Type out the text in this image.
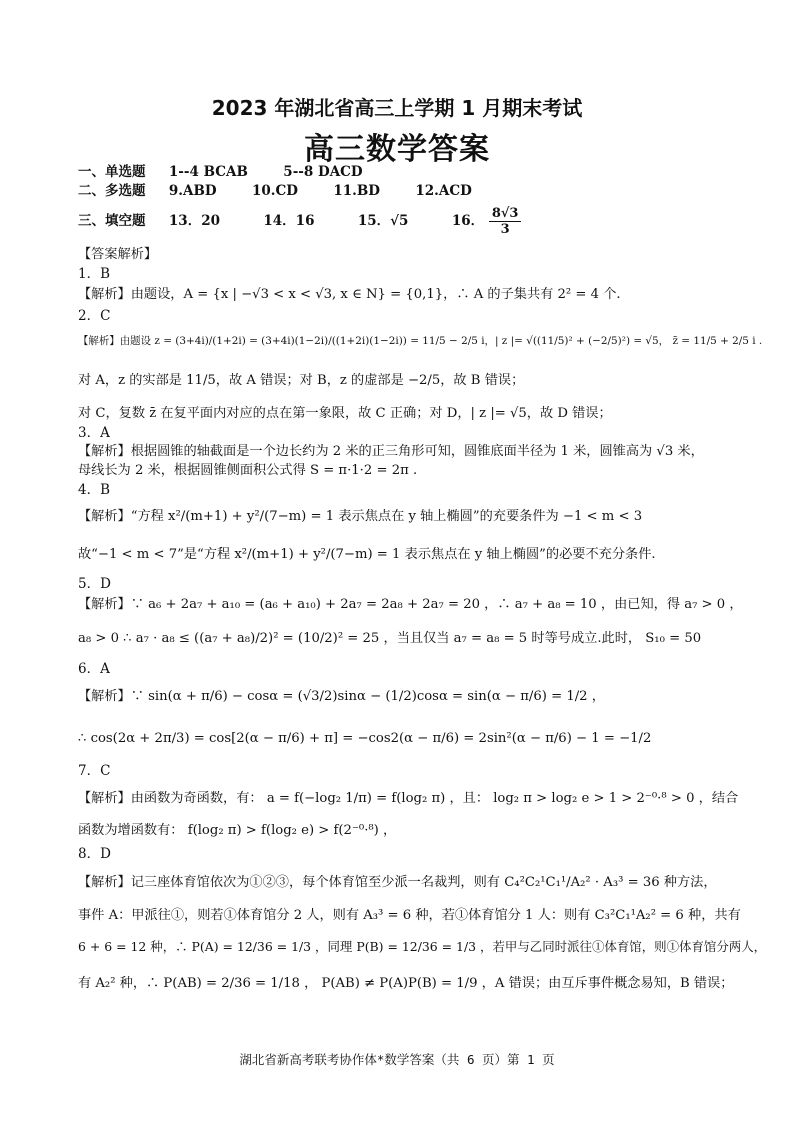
2023 年湖北省高三上学期 1 月期末考试
高三数学答案
一、单选题 1--4 BCAB	5--8 DACD
二、多选题 9.ABD	10.CD	11.BD	12.ACD
三、填空题 13．20	14．16	15．√5	16． $\frac{8√3}{3}$
【答案解析】
1．B
【解析】由题设，A = {x | −√3 < x < √3, x ∈ N} = {0,1}，∴ A 的子集共有 2² = 4 个.
2．C
【解析】由题设 z = (3+4i)/(1+2i) = (3+4i)(1−2i)/((1+2i)(1−2i)) = 11/5 − 2/5 i，| z |= √((11/5)² + (−2/5)²) = √5， z̄ = 11/5 + 2/5 i .
对 A，z 的实部是 11/5，故 A 错误；对 B，z 的虚部是 −2/5，故 B 错误；
对 C，复数 z̄ 在复平面内对应的点在第一象限，故 C 正确；对 D，| z |= √5，故 D 错误；
3．A
【解析】根据圆锥的轴截面是一个边长约为 2 米的正三角形可知，圆锥底面半径为 1 米，圆锥高为 √3 米，
母线长为 2 米，根据圆锥侧面积公式得 S = π·1·2 = 2π .
4．B
【解析】“方程 x²/(m+1) + y²/(7−m) = 1 表示焦点在 y 轴上椭圆”的充要条件为 −1 < m < 3
故“−1 < m < 7”是“方程 x²/(m+1) + y²/(7−m) = 1 表示焦点在 y 轴上椭圆”的必要不充分条件.
5．D
【解析】∵ a₆ + 2a₇ + a₁₀ = (a₆ + a₁₀) + 2a₇ = 2a₈ + 2a₇ = 20 ，∴ a₇ + a₈ = 10 ，由已知，得 a₇ > 0 ，
a₈ > 0 ∴ a₇ · a₈ ≤ ((a₇ + a₈)/2)² = (10/2)² = 25 ，当且仅当 a₇ = a₈ = 5 时等号成立.此时， S₁₀ = 50
6．A
【解析】∵ sin(α + π/6) − cosα = (√3/2)sinα − (1/2)cosα = sin(α − π/6) = 1/2 ，
∴ cos(2α + 2π/3) = cos[2(α − π/6) + π] = −cos2(α − π/6) = 2sin²(α − π/6) − 1 = −1/2
7．C
【解析】由函数为奇函数，有： a = f(−log₂ 1/π) = f(log₂ π) ，且： log₂ π > log₂ e > 1 > 2⁻⁰·⁸ > 0 ，结合
函数为增函数有： f(log₂ π) > f(log₂ e) > f(2⁻⁰·⁸) ，
8．D
【解析】记三座体育馆依次为①②③，每个体育馆至少派一名裁判，则有 C₄²C₂¹C₁¹/A₂² · A₃³ = 36 种方法，
事件 A：甲派往①，则若①体育馆分 2 人，则有 A₃³ = 6 种，若①体育馆分 1 人：则有 C₃²C₁¹A₂² = 6 种，共有
6 + 6 = 12 种，∴ P(A) = 12/36 = 1/3 ，同理 P(B) = 12/36 = 1/3 ，若甲与乙同时派往①体育馆，则①体育馆分两人，
有 A₂² 种，∴ P(AB) = 2/36 = 1/18 ， P(AB) ≠ P(A)P(B) = 1/9 ，A 错误；由互斥事件概念易知，B 错误；
湖北省新高考联考协作体*数学答案（共 6 页）第 1 页
